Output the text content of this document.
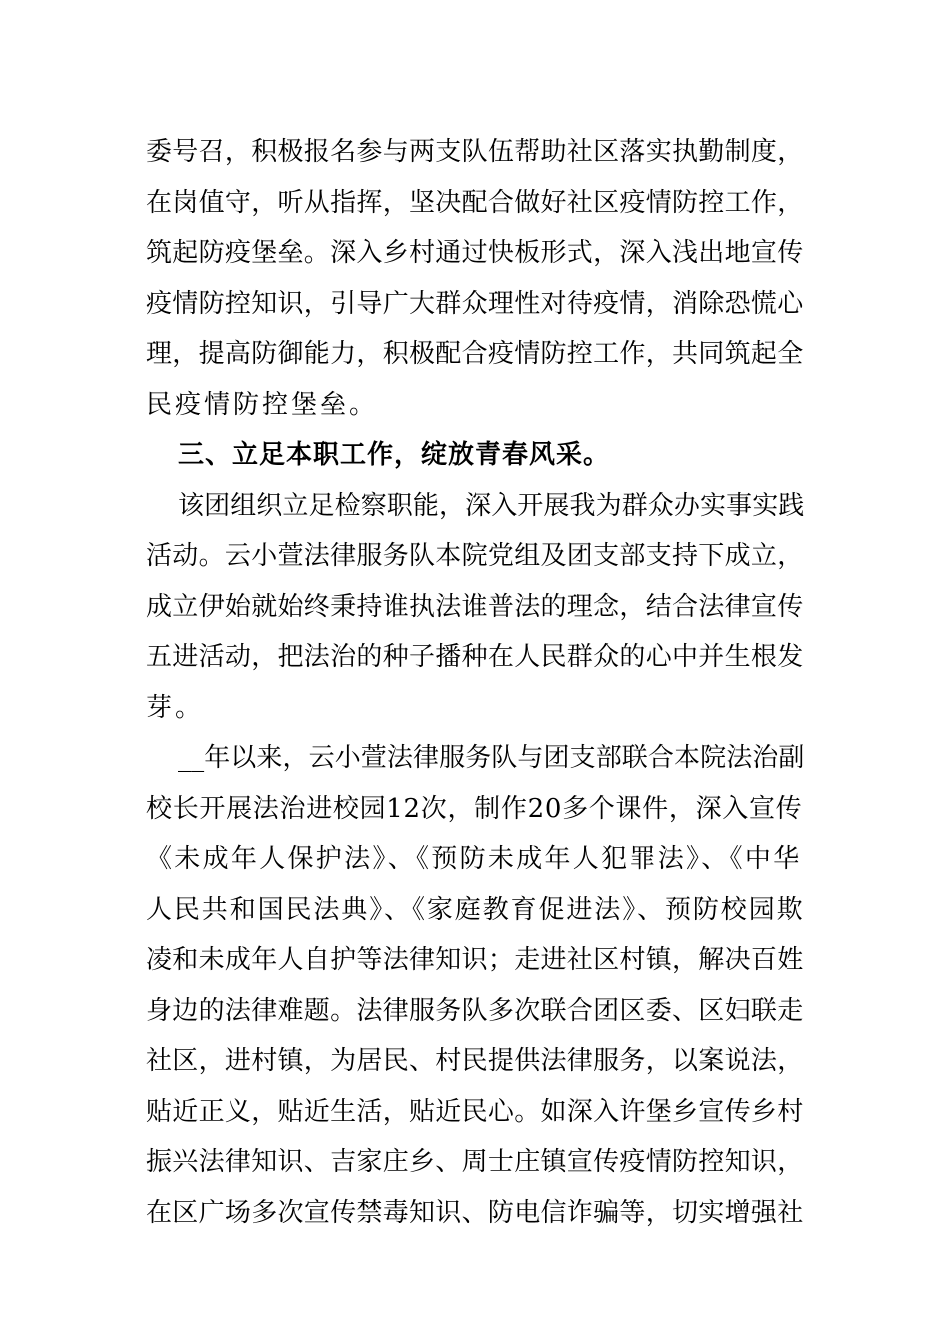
委号召，积极报名参与两支队伍帮助社区落实执勤制度，
在岗值守，听从指挥，坚决配合做好社区疫情防控工作，
筑起防疫堡垒。深入乡村通过快板形式，深入浅出地宣传
疫情防控知识，引导广大群众理性对待疫情，消除恐慌心
理，提高防御能力，积极配合疫情防控工作，共同筑起全
民疫情防控堡垒。
三、立足本职工作，绽放青春风采。
该团组织立足检察职能，深入开展我为群众办实事实践
活动。云小萱法律服务队本院党组及团支部支持下成立，
成立伊始就始终秉持谁执法谁普法的理念，结合法律宣传
五进活动，把法治的种子播种在人民群众的心中并生根发
芽。
__年以来，云小萱法律服务队与团支部联合本院法治副
校长开展法治进校园12次，制作20多个课件，深入宣传
《未成年人保护法》、《预防未成年人犯罪法》、《中华
人民共和国民法典》、《家庭教育促进法》、预防校园欺
凌和未成年人自护等法律知识；走进社区村镇，解决百姓
身边的法律难题。法律服务队多次联合团区委、区妇联走
社区，进村镇，为居民、村民提供法律服务，以案说法，
贴近正义，贴近生活，贴近民心。如深入许堡乡宣传乡村
振兴法律知识、吉家庄乡、周士庄镇宣传疫情防控知识，
在区广场多次宣传禁毒知识、防电信诈骗等，切实增强社
